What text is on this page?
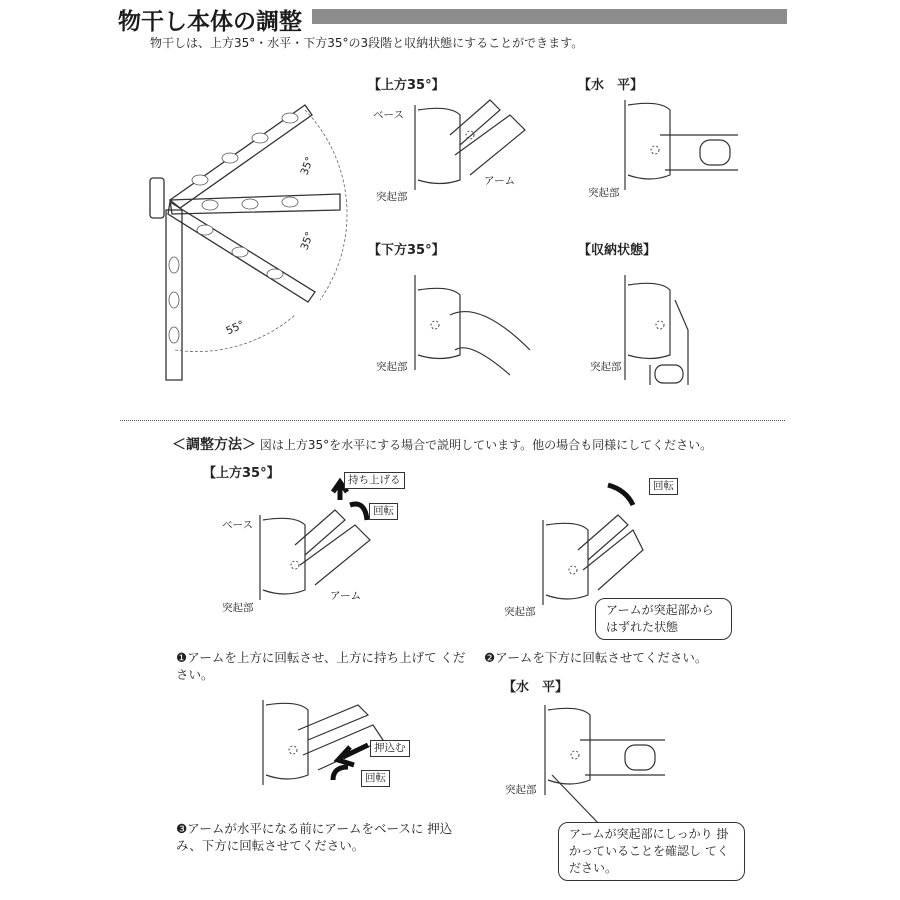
物干し本体の調整
物干しは、上方35°・水平・下方35°の3段階と収納状態にすることができます。
35°
35°
55°
【上方35°】	【水　平】
【下方35°】	【収納状態】
ベース
突起部
アーム
突起部
突起部	突起部
＜調整方法＞ 図は上方35°を水平にする場合で説明しています。他の場合も同様にしてください。
【上方35°】	持ち上げる
回転
ベース
突起部
アーム
❶アームを上方に回転させ、上方に持ち上げて ください。
回転
突起部	アームが突起部から はずれた状態
❷アームを下方に回転させてください。
押込む
回転
❸アームが水平になる前にアームをベースに 押込み、下方に回転させてください。
【水　平】
突起部
アームが突起部にしっかり 掛かっていることを確認し てください。
